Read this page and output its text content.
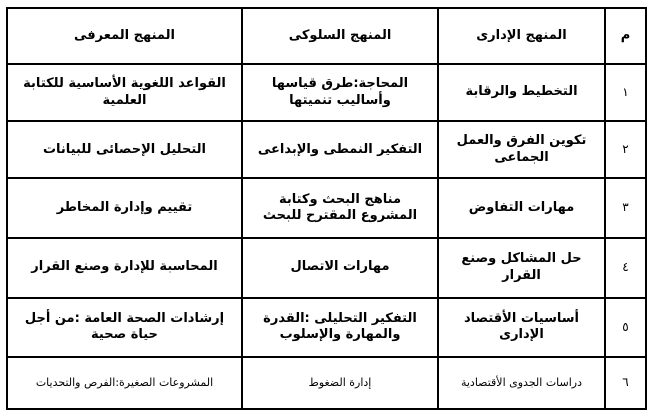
م	المنهج الإدارى	المنهج السلوكى	المنهج المعرفى
١	التخطيط والرقابة	المحاجة:طرق قياسها وأساليب تنميتها	القواعد اللغوية الأساسية للكتابة العلمية
٢	تكوين الفرق والعمل الجماعى	التفكير النمطى والإبداعى	التحليل الإحصائى للبيانات
٣	مهارات التفاوض	مناهج البحث وكتابة المشروع المقترح للبحث	تقييم وإدارة المخاطر
٤	حل المشاكل وصنع القرار	مهارات الاتصال	المحاسبة للإدارة وصنع القرار
٥	أساسيات الأقتصاد الإدارى	التفكير التحليلى :القدرة والمهارة والإسلوب	إرشادات الصحة العامة :من أجل حياة صحية
٦	دراسات الجدوى الأقتصادية	إدارة الضغوط	المشروعات الصغيرة:الفرص والتحديات
